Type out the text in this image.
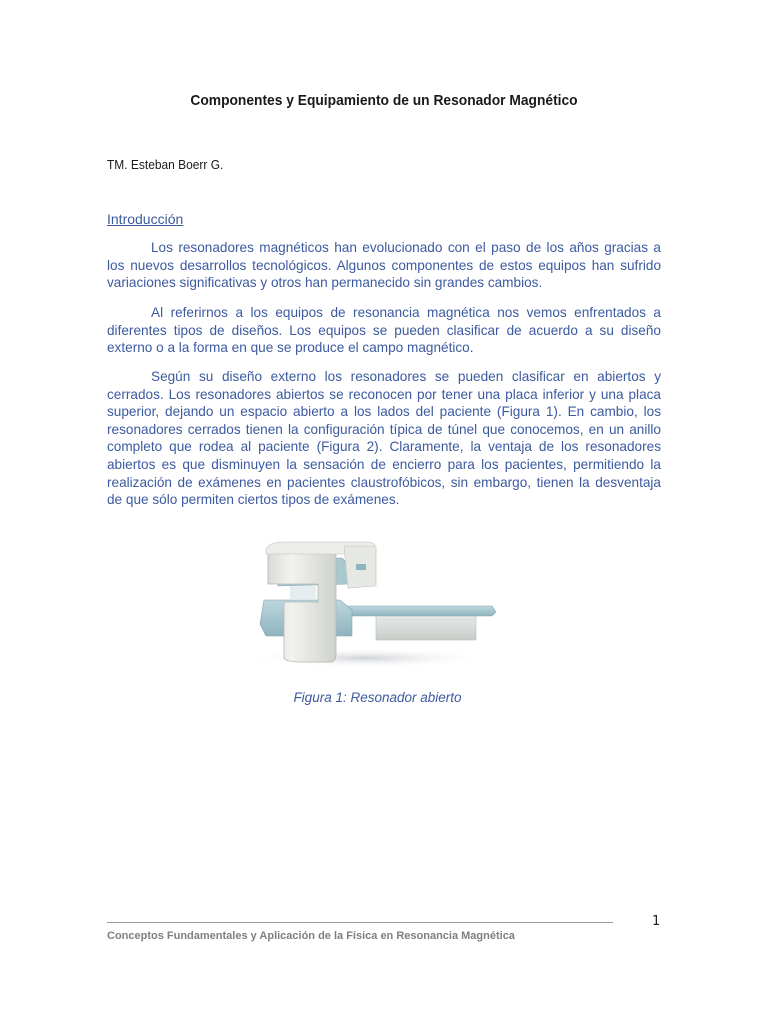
Componentes y Equipamiento de un Resonador Magnético
TM. Esteban Boerr G.
Introducción

Los resonadores magnéticos han evolucionado con el paso de los años gracias a los nuevos desarrollos tecnológicos. Algunos componentes de estos equipos han sufrido variaciones significativas y otros han permanecido sin grandes cambios.

Al referirnos a los equipos de resonancia magnética nos vemos enfrentados a diferentes tipos de diseños. Los equipos se pueden clasificar de acuerdo a su diseño externo o a la forma en que se produce el campo magnético.

Según su diseño externo los resonadores se pueden clasificar en abiertos y cerrados. Los resonadores abiertos se reconocen por tener una placa inferior y una placa superior, dejando un espacio abierto a los lados del paciente (Figura 1). En cambio, los resonadores cerrados tienen la configuración típica de túnel que conocemos, en un anillo completo que rodea al paciente (Figura 2). Claramente, la ventaja de los resonadores abiertos es que disminuyen la sensación de encierro para los pacientes, permitiendo la realización de exámenes en pacientes claustrofóbicos, sin embargo, tienen la desventaja de que sólo permiten ciertos tipos de exámenes.

Figura 1: Resonador abierto
1
Conceptos Fundamentales y Aplicación de la Física en Resonancia Magnética
